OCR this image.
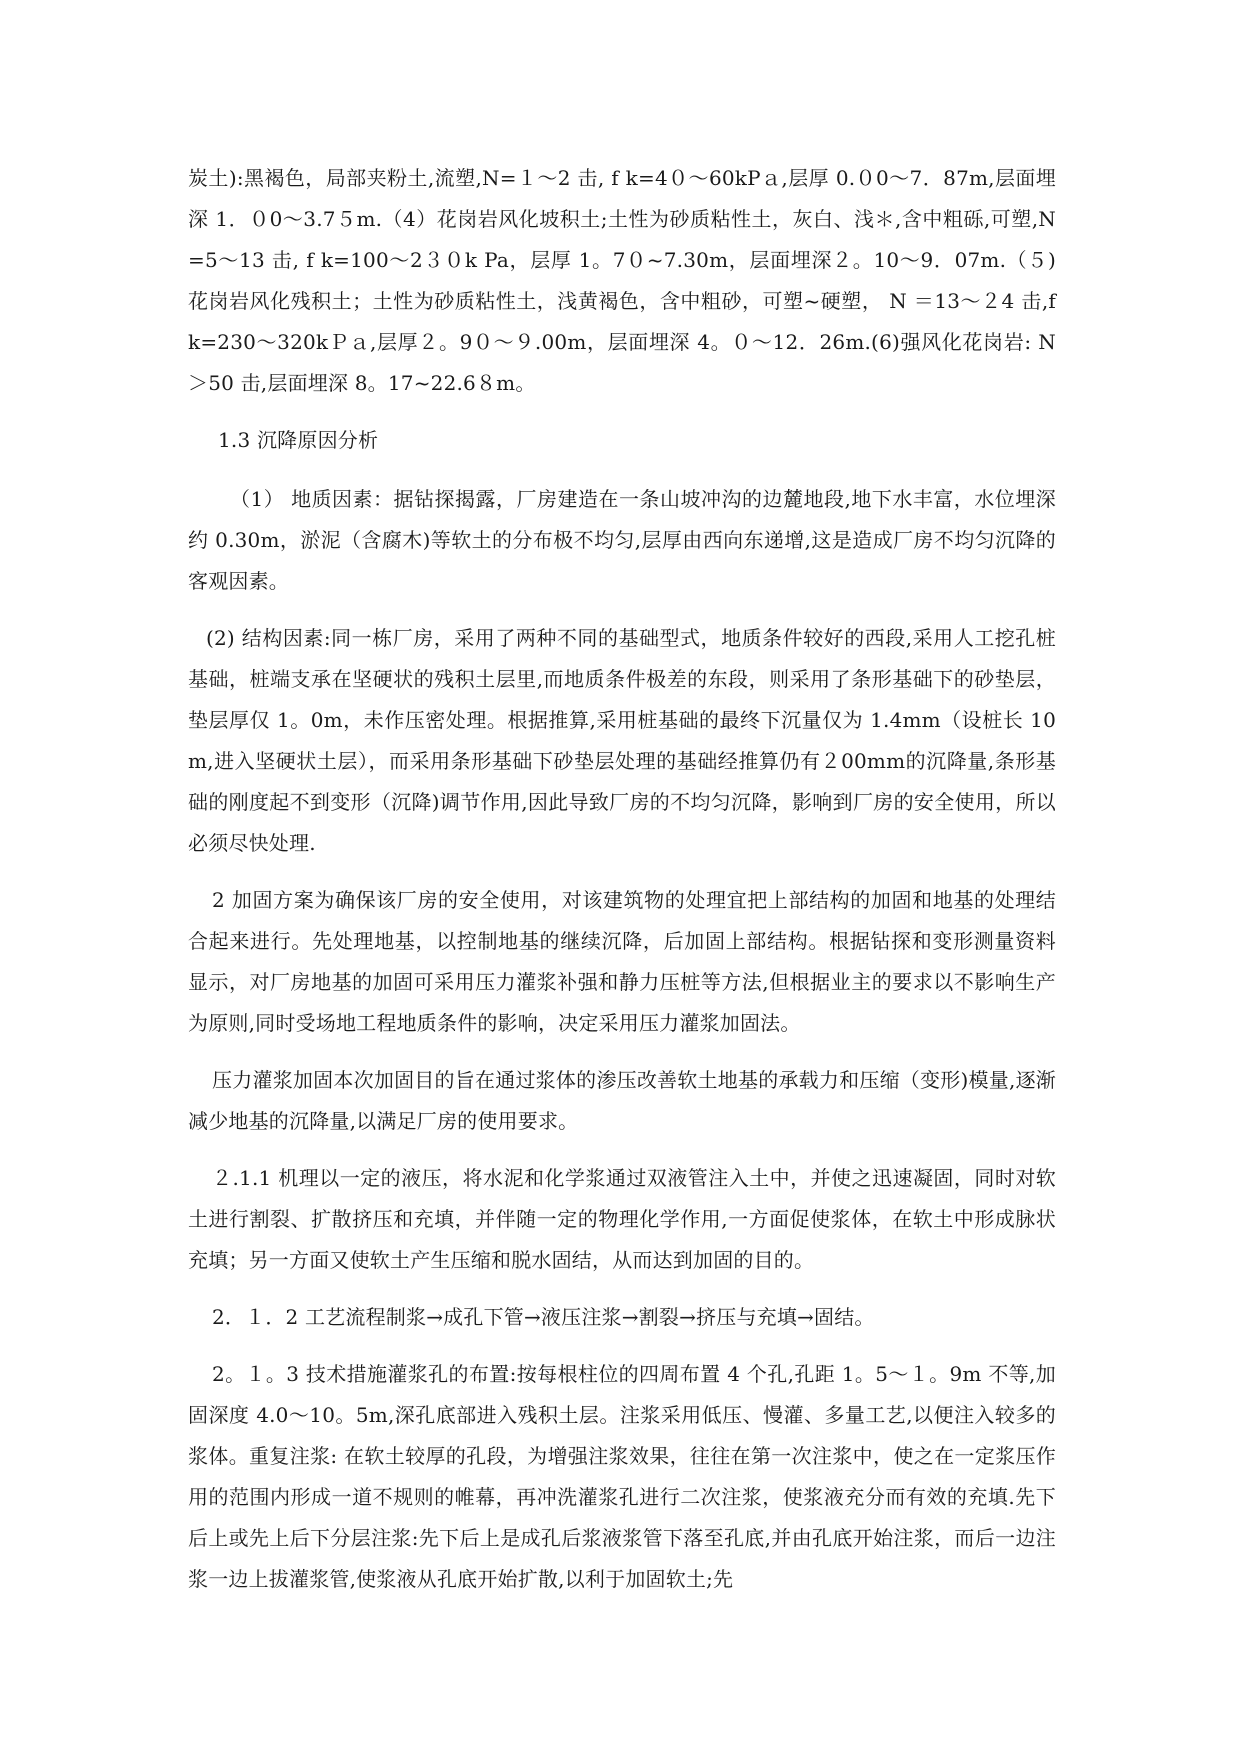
炭土):黑褐色，局部夹粉土,流塑,N=１～2 击, f k=4０～60kPａ,层厚 0.０0～7．87m,层面埋深 1．０0～3.7５m.（4）花岗岩风化坡积土;土性为砂质粘性土，灰白、浅＊,含中粗砾,可塑,N=5～13 击, f k=100～2３０k Pa，层厚 1。7０~7.30m，层面埋深２。10～9．07m.（５)花岗岩风化残积土；土性为砂质粘性土，浅黄褐色，含中粗砂，可塑~硬塑， N ＝13～２4 击,f k=230～320kＰａ,层厚２。9０～９.00m，层面埋深 4。０～12．26m.(6)强风化花岗岩: N＞50 击,层面埋深 8。17~22.6８m。

1.3 沉降原因分析

（1） 地质因素：据钻探揭露，厂房建造在一条山坡冲沟的边麓地段,地下水丰富，水位埋深约 0.30m，淤泥（含腐木)等软土的分布极不均匀,层厚由西向东递增,这是造成厂房不均匀沉降的客观因素。

(2) 结构因素:同一栋厂房，采用了两种不同的基础型式，地质条件较好的西段,采用人工挖孔桩基础，桩端支承在坚硬状的残积土层里,而地质条件极差的东段，则采用了条形基础下的砂垫层，垫层厚仅 1。0m，未作压密处理。根据推算,采用桩基础的最终下沉量仅为 1.4mm（设桩长 10m,进入坚硬状土层），而采用条形基础下砂垫层处理的基础经推算仍有２00mm的沉降量,条形基础的刚度起不到变形（沉降)调节作用,因此导致厂房的不均匀沉降，影响到厂房的安全使用，所以必须尽快处理.

2 加固方案为确保该厂房的安全使用，对该建筑物的处理宜把上部结构的加固和地基的处理结合起来进行。先处理地基，以控制地基的继续沉降，后加固上部结构。根据钻探和变形测量资料显示，对厂房地基的加固可采用压力灌浆补强和静力压桩等方法,但根据业主的要求以不影响生产为原则,同时受场地工程地质条件的影响，决定采用压力灌浆加固法。

压力灌浆加固本次加固目的旨在通过浆体的渗压改善软土地基的承载力和压缩（变形)模量,逐渐减少地基的沉降量,以满足厂房的使用要求。

２.1.1 机理以一定的液压，将水泥和化学浆通过双液管注入土中，并使之迅速凝固，同时对软土进行割裂、扩散挤压和充填，并伴随一定的物理化学作用,一方面促使浆体，在软土中形成脉状充填；另一方面又使软土产生压缩和脱水固结，从而达到加固的目的。

2．１．2 工艺流程制浆→成孔下管→液压注浆→割裂→挤压与充填→固结。

2。１。3 技术措施灌浆孔的布置:按每根柱位的四周布置 4 个孔,孔距 1。5～１。9m 不等,加固深度 4.0～10。5m,深孔底部进入残积土层。注浆采用低压、慢灌、多量工艺,以便注入较多的浆体。重复注浆: 在软土较厚的孔段，为增强注浆效果，往往在第一次注浆中，使之在一定浆压作用的范围内形成一道不规则的帷幕，再冲洗灌浆孔进行二次注浆，使浆液充分而有效的充填.先下后上或先上后下分层注浆:先下后上是成孔后浆液浆管下落至孔底,并由孔底开始注浆，而后一边注浆一边上拔灌浆管,使浆液从孔底开始扩散,以利于加固软土;先
